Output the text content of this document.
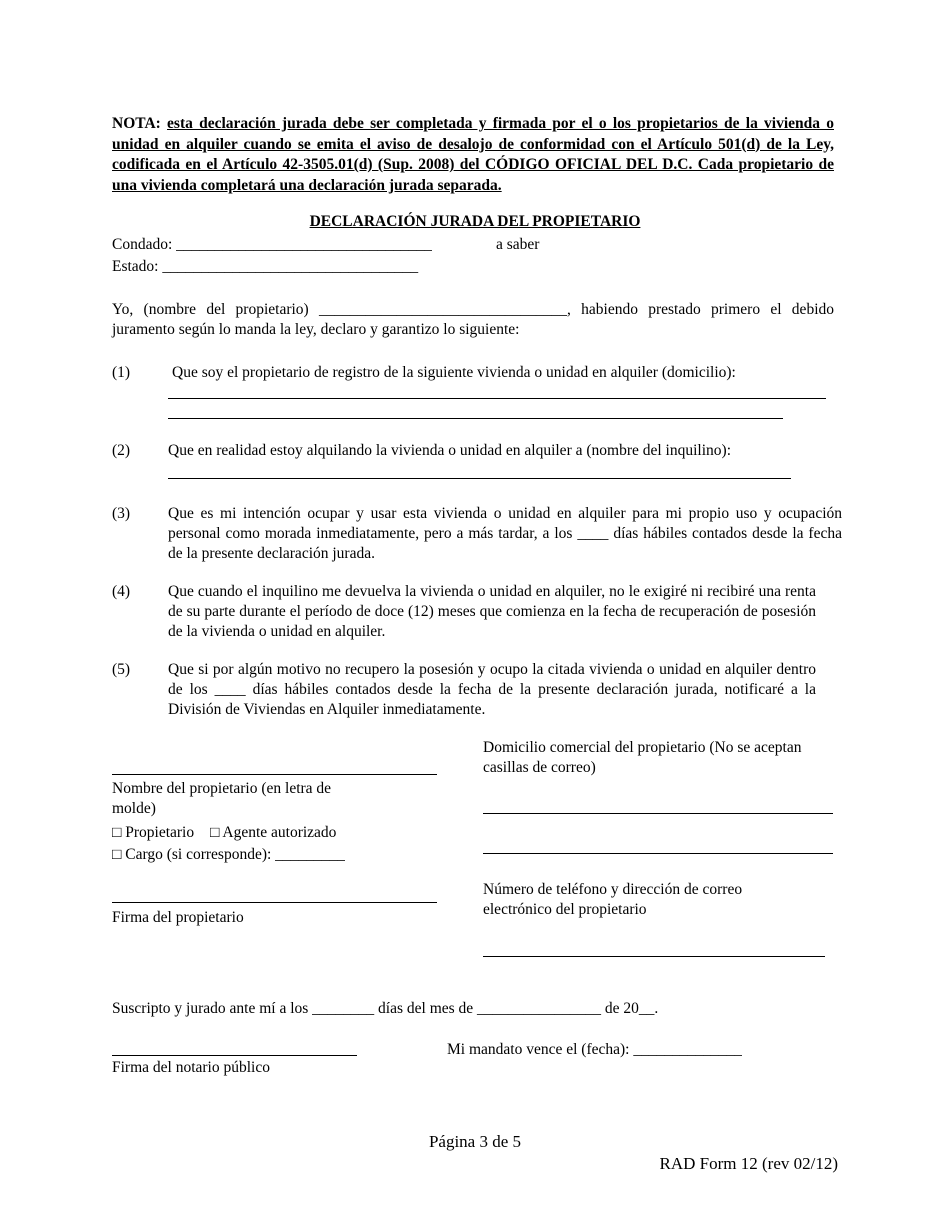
NOTA: esta declaración jurada debe ser completada y firmada por el o los propietarios de la vivienda o unidad en alquiler cuando se emita el aviso de desalojo de conformidad con el Artículo 501(d) de la Ley, codificada en el Artículo 42-3505.01(d) (Sup. 2008) del CÓDIGO OFICIAL DEL D.C. Cada propietario de una vivienda completará una declaración jurada separada.
DECLARACIÓN JURADA DEL PROPIETARIO
Condado: _________________________________	a saber
Estado: _________________________________
Yo, (nombre del propietario) ________________________________, habiendo prestado primero el debido juramento según lo manda la ley, declaro y garantizo lo siguiente:
(1)	Que soy el propietario de registro de la siguiente vivienda o unidad en alquiler (domicilio):
(2) Que en realidad estoy alquilando la vivienda o unidad en alquiler a (nombre del inquilino):
(3) Que es mi intención ocupar y usar esta vivienda o unidad en alquiler para mi propio uso y ocupación personal como morada inmediatamente, pero a más tardar, a los ____ días hábiles contados desde la fecha de la presente declaración jurada.
(4) Que cuando el inquilino me devuelva la vivienda o unidad en alquiler, no le exigiré ni recibiré una renta de su parte durante el período de doce (12) meses que comienza en la fecha de recuperación de posesión de la vivienda o unidad en alquiler.
(5) Que si por algún motivo no recupero la posesión y ocupo la citada vivienda o unidad en alquiler dentro de los ____ días hábiles contados desde la fecha de la presente declaración jurada, notificaré a la División de Viviendas en Alquiler inmediatamente.
Nombre del propietario (en letra de molde)
□ Propietario □ Agente autorizado
□ Cargo (si corresponde): _________
Firma del propietario
Domicilio comercial del propietario (No se aceptan casillas de correo)
Número de teléfono y dirección de correo electrónico del propietario
Suscripto y jurado ante mí a los ________ días del mes de ________________ de 20__.
Firma del notario público
Mi mandato vence el (fecha): ______________
Página 3 de 5
RAD Form 12 (rev 02/12)
